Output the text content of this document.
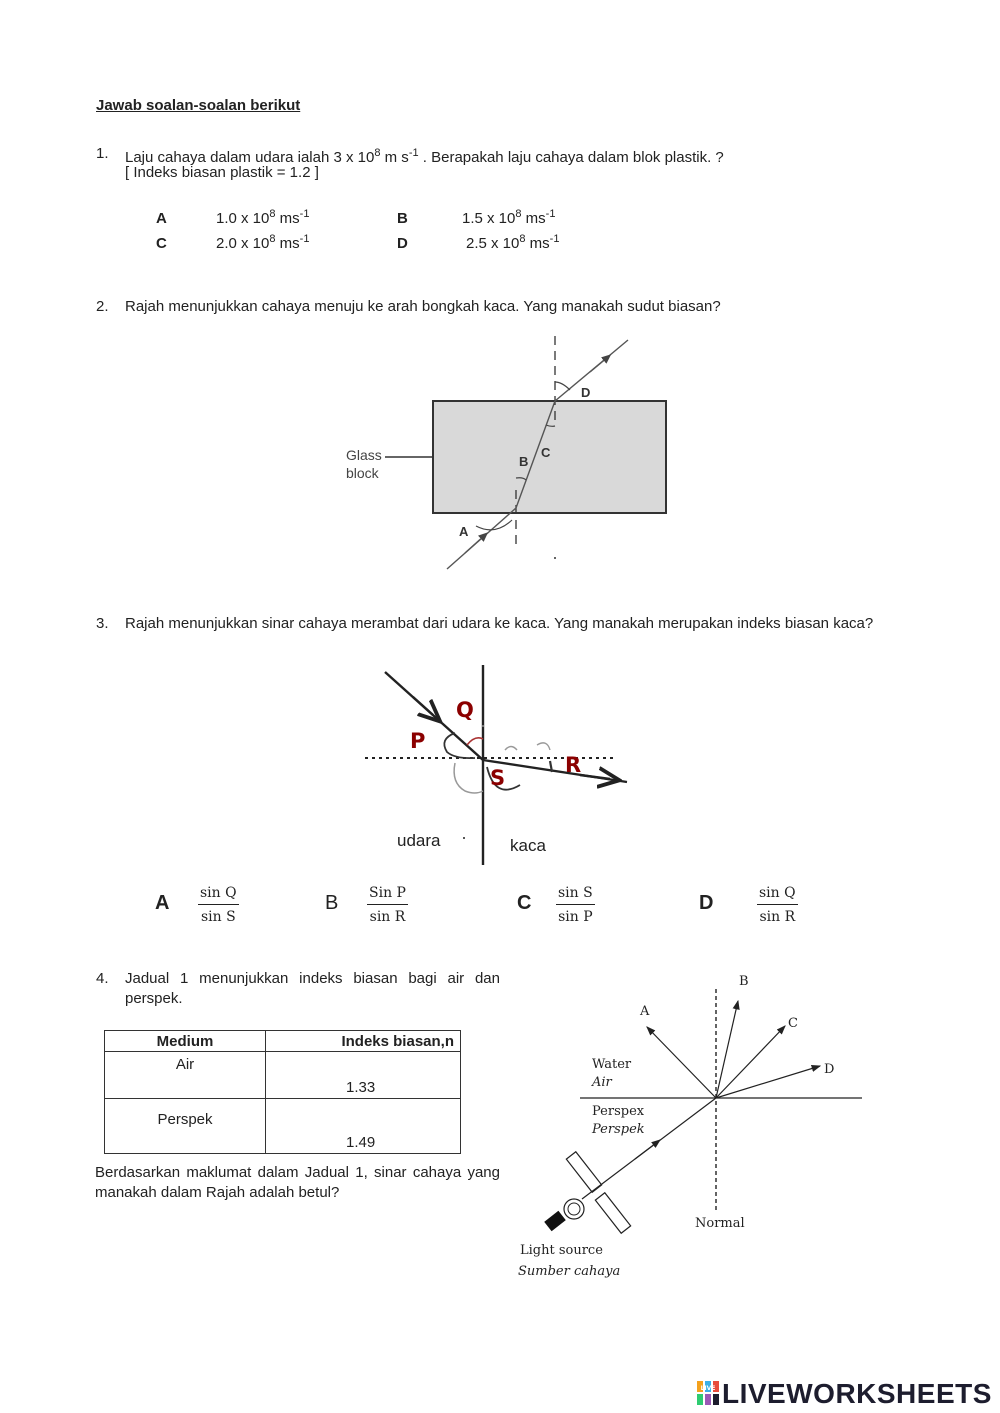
Jawab soalan-soalan berikut
1. Laju cahaya dalam udara ialah 3 x $10^8$ m $s^{-1}$ . Berapakah laju cahaya dalam blok plastik. ?
[ Indeks biasan plastik = 1.2 ]
A	1.0 x $10^8$ $ms^{-1}$	B	1.5 x $10^8$ $ms^{-1}$
C	2.0 x $10^8$ $ms^{-1}$	D	2.5 x $10^8$ $ms^{-1}$
2. Rajah menunjukkan cahaya menuju ke arah bongkah kaca. Yang manakah sudut biasan?
Glass
block
A
B
C
D
3. Rajah menunjukkan sinar cahaya merambat dari udara ke kaca. Yang manakah merupakan indeks biasan kaca?
P
Q
R
S
udara	kaca
A $\frac{\text{sin Q}}{\text{sin S}}$	B Sin P
sin R
C $\frac{\text{sin S}}{\text{sin P}}$	D	$\frac{\text{sin Q}}{\text{sin R}}$
4. Jadual 1 menunjukkan indeks biasan bagi air dan
perspek.
Medium	Indeks biasan,n
Air	1.33
Perspek	1.49
Berdasarkan maklumat dalam Jadual 1, sinar cahaya yang
manakah dalam Rajah adalah betul?
A
B
C
D
Water
Air
Perspex
Perspek
Normal
Light source
Sumber cahaya
LIVE LIVEWORKSHEETS
